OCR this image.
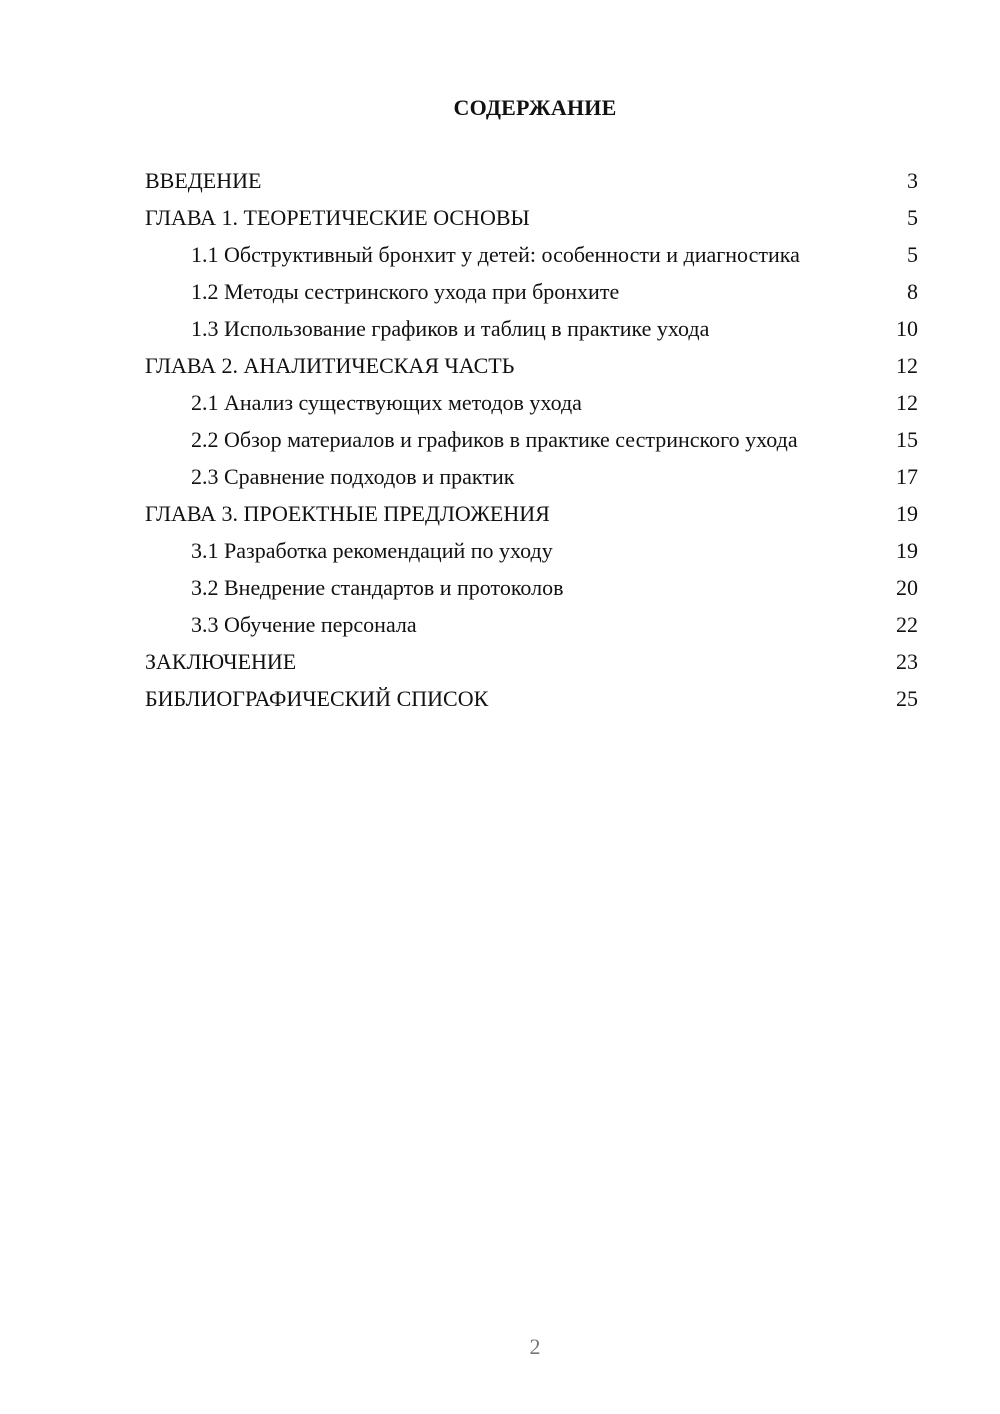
СОДЕРЖАНИЕ
ВВЕДЕНИЕ	3
ГЛАВА 1. ТЕОРЕТИЧЕСКИЕ ОСНОВЫ	5
1.1 Обструктивный бронхит у детей: особенности и диагностика	5
1.2 Методы сестринского ухода при бронхите	8
1.3 Использование графиков и таблиц в практике ухода	10
ГЛАВА 2. АНАЛИТИЧЕСКАЯ ЧАСТЬ	12
2.1 Анализ существующих методов ухода	12
2.2 Обзор материалов и графиков в практике сестринского ухода	15
2.3 Сравнение подходов и практик	17
ГЛАВА 3. ПРОЕКТНЫЕ ПРЕДЛОЖЕНИЯ	19
3.1 Разработка рекомендаций по уходу	19
3.2 Внедрение стандартов и протоколов	20
3.3 Обучение персонала	22
ЗАКЛЮЧЕНИЕ	23
БИБЛИОГРАФИЧЕСКИЙ СПИСОК	25
2
